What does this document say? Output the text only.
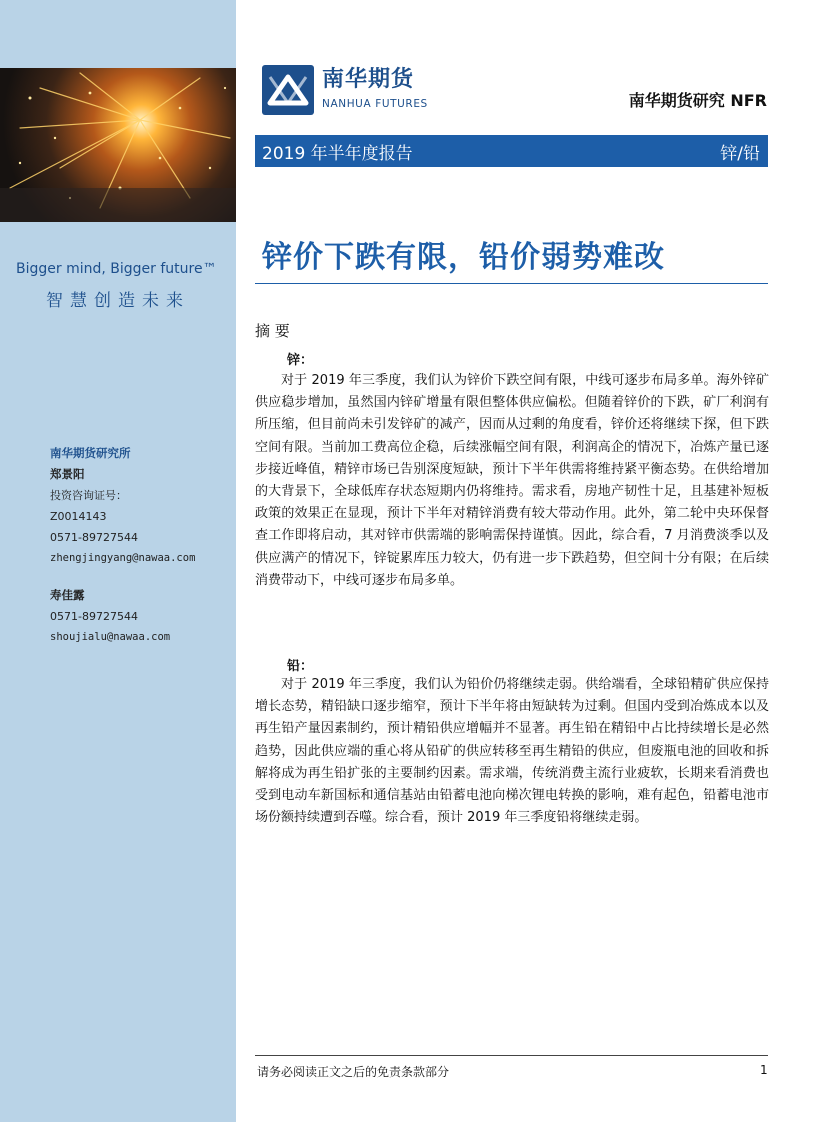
Bigger mind, Bigger future™
智慧创造未来
南华期货研究所
郑景阳
投资咨询证号：
Z0014143
0571-89727544
zhengjingyang@nawaa.com
寿佳露
0571-89727544
shoujialu@nawaa.com
南华期货
NANHUA FUTURES	南华期货研究 NFR
2019 年半年度报告	锌/铅
锌价下跌有限，铅价弱势难改
摘 要
锌：
对于 2019 年三季度，我们认为锌价下跌空间有限，中线可逐步布局多单。海外锌矿供应稳步增加，虽然国内锌矿增量有限但整体供应偏松。但随着锌价的下跌，矿厂利润有所压缩，但目前尚未引发锌矿的减产，因而从过剩的角度看，锌价还将继续下探，但下跌空间有限。当前加工费高位企稳，后续涨幅空间有限，利润高企的情况下，冶炼产量已逐步接近峰值，精锌市场已告别深度短缺，预计下半年供需将维持紧平衡态势。在供给增加的大背景下，全球低库存状态短期内仍将维持。需求看，房地产韧性十足，且基建补短板政策的效果正在显现，预计下半年对精锌消费有较大带动作用。此外，第二轮中央环保督查工作即将启动，其对锌市供需端的影响需保持谨慎。因此，综合看，7 月消费淡季以及供应满产的情况下，锌锭累库压力较大，仍有进一步下跌趋势，但空间十分有限；在后续消费带动下，中线可逐步布局多单。
铅：
对于 2019 年三季度，我们认为铅价仍将继续走弱。供给端看，全球铅精矿供应保持增长态势，精铅缺口逐步缩窄，预计下半年将由短缺转为过剩。但国内受到冶炼成本以及再生铅产量因素制约，预计精铅供应增幅并不显著。再生铅在精铅中占比持续增长是必然趋势，因此供应端的重心将从铅矿的供应转移至再生精铅的供应，但废瓶电池的回收和拆解将成为再生铅扩张的主要制约因素。需求端，传统消费主流行业疲软，长期来看消费也受到电动车新国标和通信基站由铅蓄电池向梯次锂电转换的影响，难有起色，铅蓄电池市场份额持续遭到吞噬。综合看，预计 2019 年三季度铅将继续走弱。
请务必阅读正文之后的免责条款部分	1
